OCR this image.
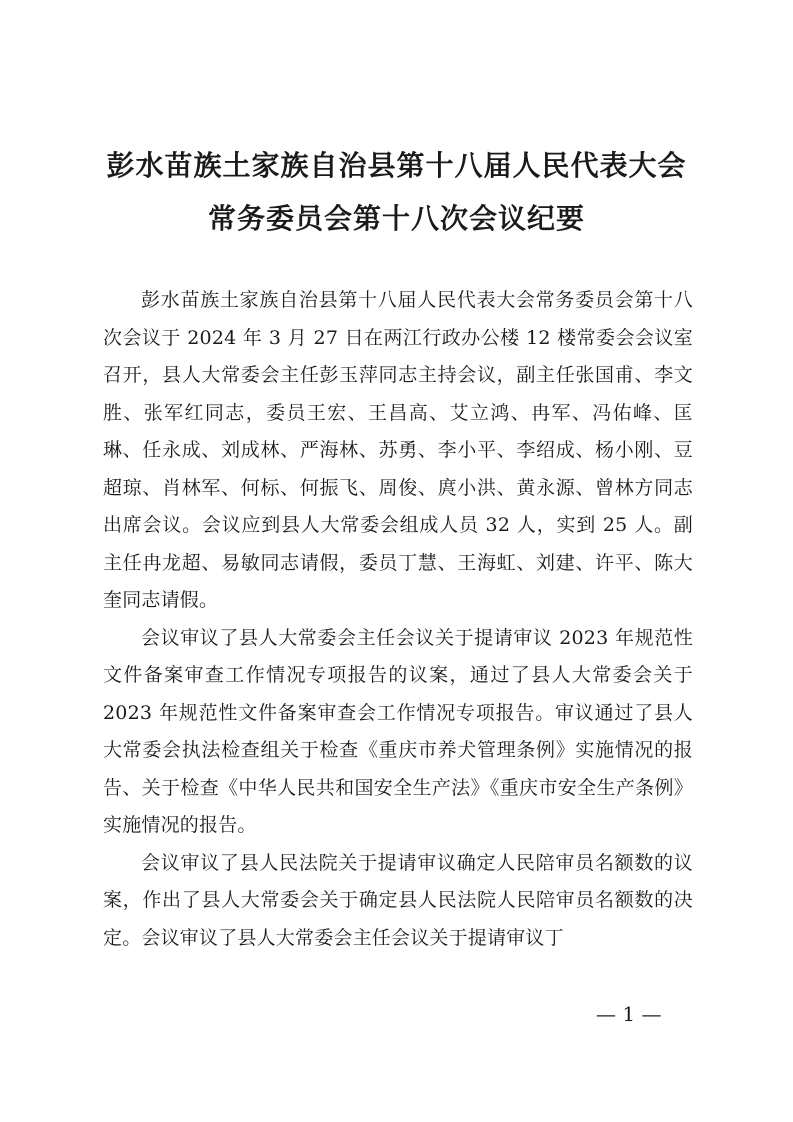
彭水苗族土家族自治县第十八届人民代表大会
常务委员会第十八次会议纪要

彭水苗族土家族自治县第十八届人民代表大会常务委员会第十八次会议于 2024 年 3 月 27 日在两江行政办公楼 12 楼常委会会议室召开，县人大常委会主任彭玉萍同志主持会议，副主任张国甫、李文胜、张军红同志，委员王宏、王昌高、艾立鸿、冉军、冯佑峰、匡琳、任永成、刘成林、严海林、苏勇、李小平、李绍成、杨小刚、豆超琼、肖林军、何标、何振飞、周俊、庹小洪、黄永源、曾林方同志出席会议。会议应到县人大常委会组成人员 32 人，实到 25 人。副主任冉龙超、易敏同志请假，委员丁慧、王海虹、刘建、许平、陈大奎同志请假。

会议审议了县人大常委会主任会议关于提请审议 2023 年规范性文件备案审查工作情况专项报告的议案，通过了县人大常委会关于 2023 年规范性文件备案审查会工作情况专项报告。审议通过了县人大常委会执法检查组关于检查《重庆市养犬管理条例》实施情况的报告、关于检查《中华人民共和国安全生产法》《重庆市安全生产条例》实施情况的报告。

会议审议了县人民法院关于提请审议确定人民陪审员名额数的议案，作出了县人大常委会关于确定县人民法院人民陪审员名额数的决定。会议审议了县人大常委会主任会议关于提请审议丁

— 1 —
